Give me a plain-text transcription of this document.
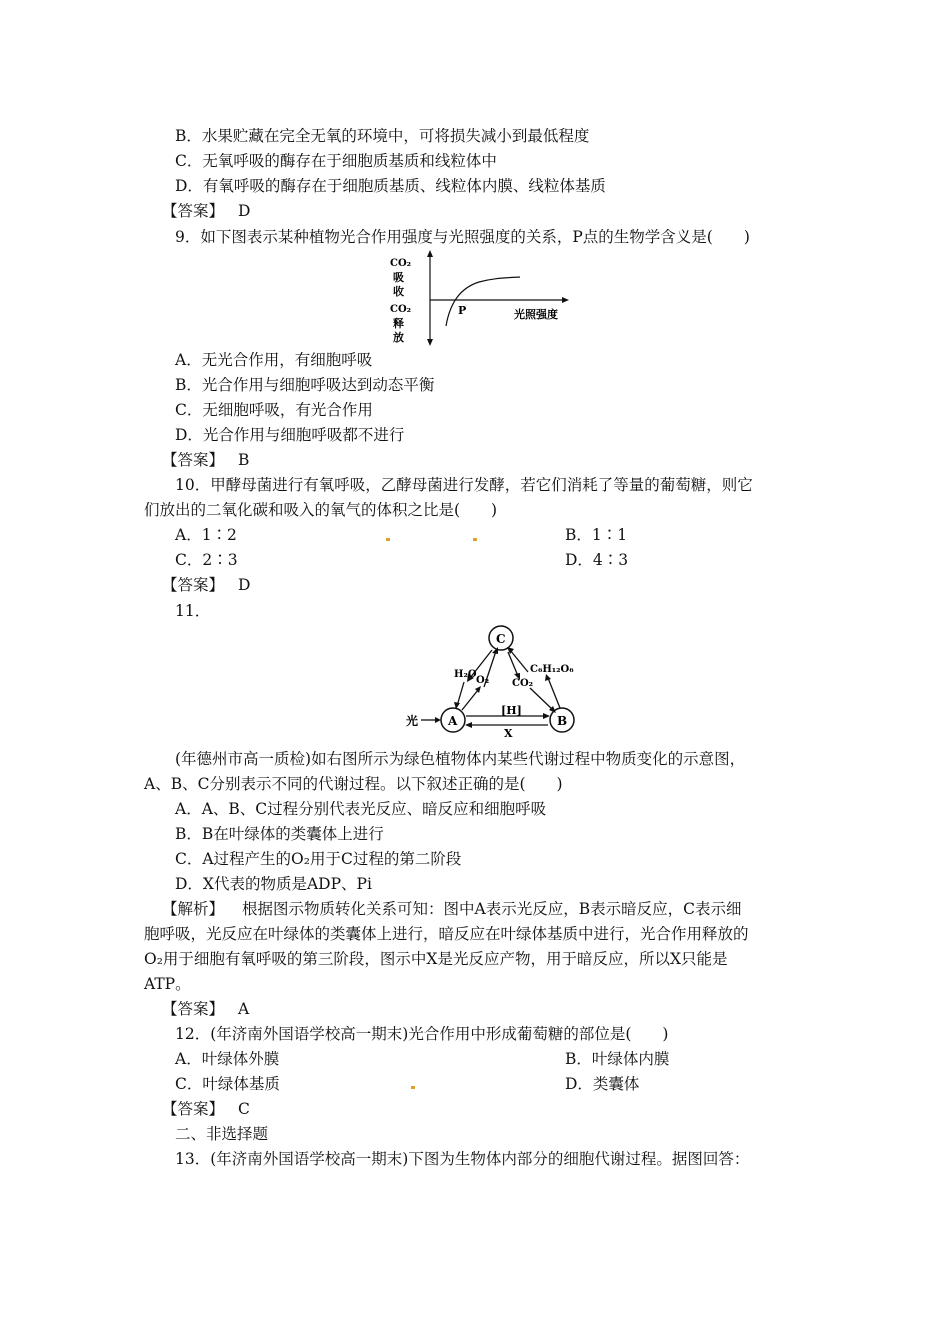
B．水果贮藏在完全无氧的环境中，可将损失减小到最低程度
C．无氧呼吸的酶存在于细胞质基质和线粒体中
D．有氧呼吸的酶存在于细胞质基质、线粒体内膜、线粒体基质
【答案】 D
9．如下图表示某种植物光合作用强度与光照强度的关系，P点的生物学含义是(　　)
CO₂
吸
收
CO₂
释
放
P	光照强度
A．无光合作用，有细胞呼吸
B．光合作用与细胞呼吸达到动态平衡
C．无细胞呼吸，有光合作用
D．光合作用与细胞呼吸都不进行
【答案】 B
10．甲酵母菌进行有氧呼吸，乙酵母菌进行发酵，若它们消耗了等量的葡萄糖，则它
们放出的二氧化碳和吸入的氧气的体积之比是(　　)
A．1∶2	B．1∶1
C．2∶3	D．4∶3
【答案】 D
11．
C
A	B
光
[H]
X
H₂O
O₂
C₆H₁₂O₆
CO₂
(年德州市高一质检)如右图所示为绿色植物体内某些代谢过程中物质变化的示意图，
A、B、C分别表示不同的代谢过程。以下叙述正确的是(　　)
A．A、B、C过程分别代表光反应、暗反应和细胞呼吸
B．B在叶绿体的类囊体上进行
C．A过程产生的O₂用于C过程的第二阶段
D．X代表的物质是ADP、Pi
【解析】 根据图示物质转化关系可知：图中A表示光反应，B表示暗反应，C表示细
胞呼吸，光反应在叶绿体的类囊体上进行，暗反应在叶绿体基质中进行，光合作用释放的
O₂用于细胞有氧呼吸的第三阶段，图示中X是光反应产物，用于暗反应，所以X只能是
ATP。
【答案】 A
12．(年济南外国语学校高一期末)光合作用中形成葡萄糖的部位是(　　)
A．叶绿体外膜	B．叶绿体内膜
C．叶绿体基质	D．类囊体
【答案】 C
二、非选择题
13．(年济南外国语学校高一期末)下图为生物体内部分的细胞代谢过程。据图回答：
